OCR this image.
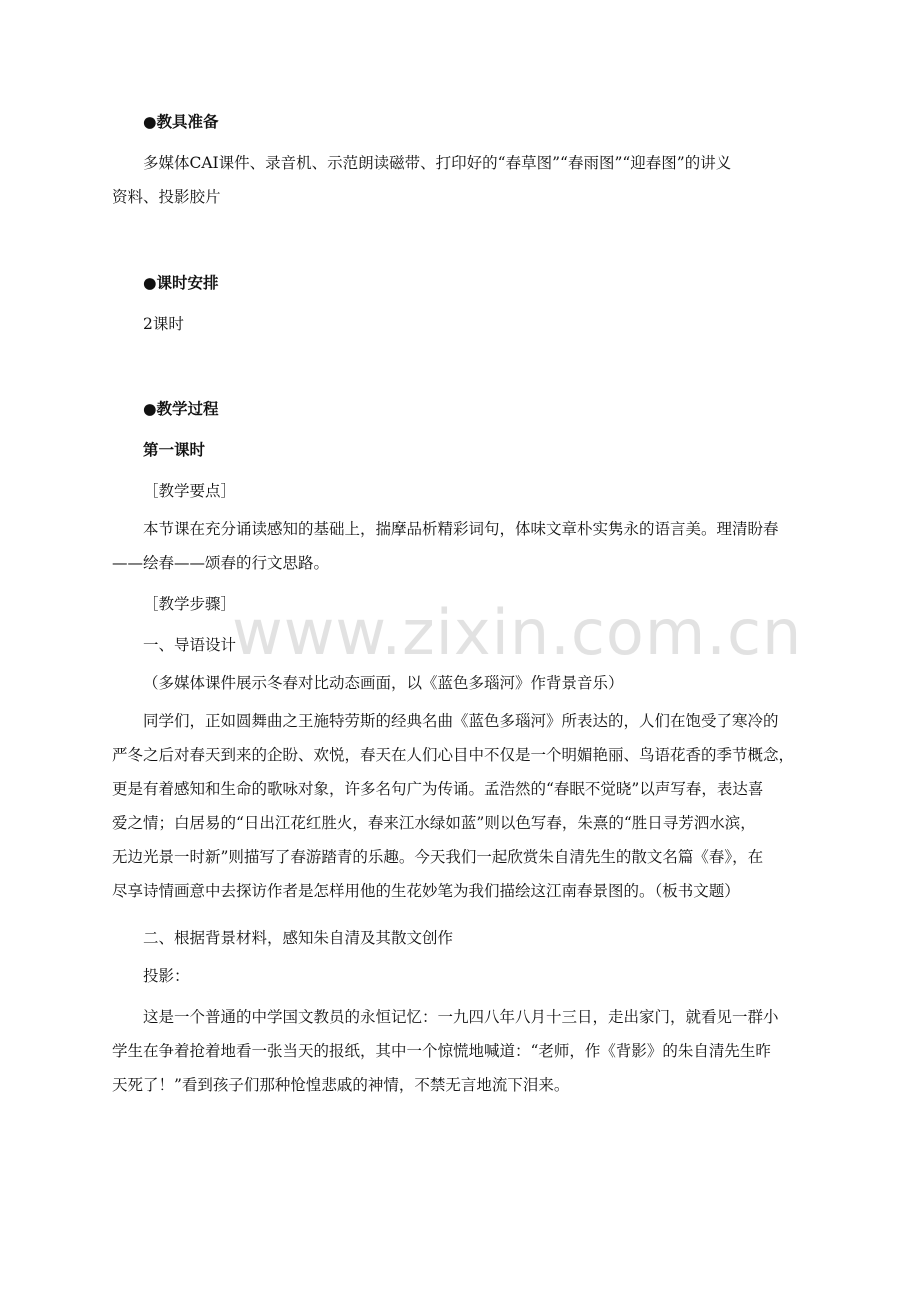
www.zixin.com.cn
●教具准备
多媒体CAI课件、录音机、示范朗读磁带、打印好的“春草图”“春雨图”“迎春图”的讲义
资料、投影胶片
●课时安排
2课时
●教学过程
第一课时
［教学要点］
本节课在充分诵读感知的基础上，揣摩品析精彩词句，体味文章朴实隽永的语言美。理清盼春
——绘春——颂春的行文思路。
［教学步骤］
一、导语设计
（多媒体课件展示冬春对比动态画面，以《蓝色多瑙河》作背景音乐）
同学们，正如圆舞曲之王施特劳斯的经典名曲《蓝色多瑙河》所表达的，人们在饱受了寒冷的
严冬之后对春天到来的企盼、欢悦，春天在人们心目中不仅是一个明媚艳丽、鸟语花香的季节概念，
更是有着感知和生命的歌咏对象，许多名句广为传诵。孟浩然的“春眠不觉晓”以声写春，表达喜
爱之情；白居易的“日出江花红胜火，春来江水绿如蓝”则以色写春，朱熹的“胜日寻芳泗水滨，
无边光景一时新”则描写了春游踏青的乐趣。今天我们一起欣赏朱自清先生的散文名篇《春》，在
尽享诗情画意中去探访作者是怎样用他的生花妙笔为我们描绘这江南春景图的。（板书文题）
二、根据背景材料，感知朱自清及其散文创作
投影：
这是一个普通的中学国文教员的永恒记忆：一九四八年八月十三日，走出家门，就看见一群小
学生在争着抢着地看一张当天的报纸，其中一个惊慌地喊道：“老师，作《背影》的朱自清先生昨
天死了！”看到孩子们那种怆惶悲戚的神情，不禁无言地流下泪来。
